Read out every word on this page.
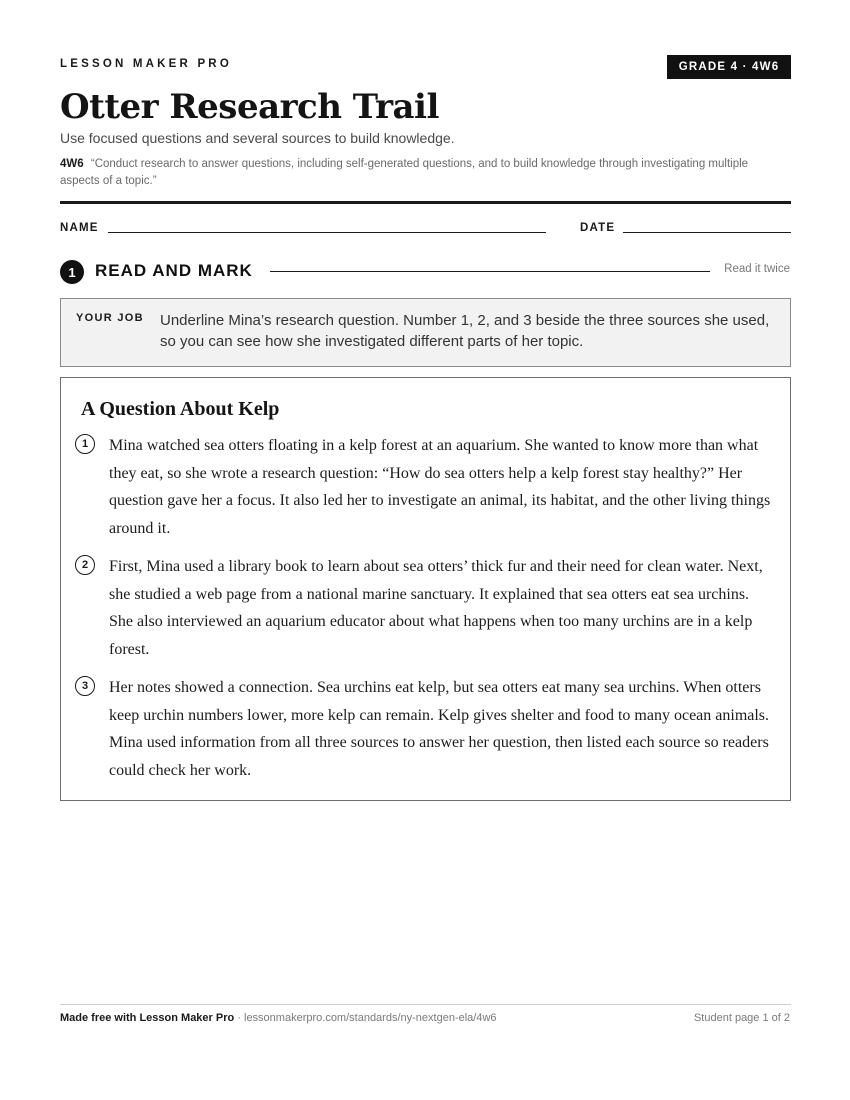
LESSON MAKER PRO	GRADE 4 · 4W6
Otter Research Trail
Use focused questions and several sources to build knowledge.
4W6 “Conduct research to answer questions, including self-generated questions, and to build knowledge through investigating multiple aspects of a topic.”
NAME	DATE
1	READ AND MARK	Read it twice
YOUR JOB Underline Mina’s research question. Number 1, 2, and 3 beside the three sources she used, so you can see how she investigated different parts of her topic.
A Question About Kelp
1	Mina watched sea otters floating in a kelp forest at an aquarium. She wanted to know more than what they eat, so she wrote a research question: “How do sea otters help a kelp forest stay healthy?” Her question gave her a focus. It also led her to investigate an animal, its habitat, and the other living things around it.
2	First, Mina used a library book to learn about sea otters’ thick fur and their need for clean water. Next, she studied a web page from a national marine sanctuary. It explained that sea otters eat sea urchins. She also interviewed an aquarium educator about what happens when too many urchins are in a kelp forest.
3	Her notes showed a connection. Sea urchins eat kelp, but sea otters eat many sea urchins. When otters keep urchin numbers lower, more kelp can remain. Kelp gives shelter and food to many ocean animals. Mina used information from all three sources to answer her question, then listed each source so readers could check her work.
Made free with Lesson Maker Pro · lessonmakerpro.com/standards/ny-nextgen-ela/4w6	Student page 1 of 2
